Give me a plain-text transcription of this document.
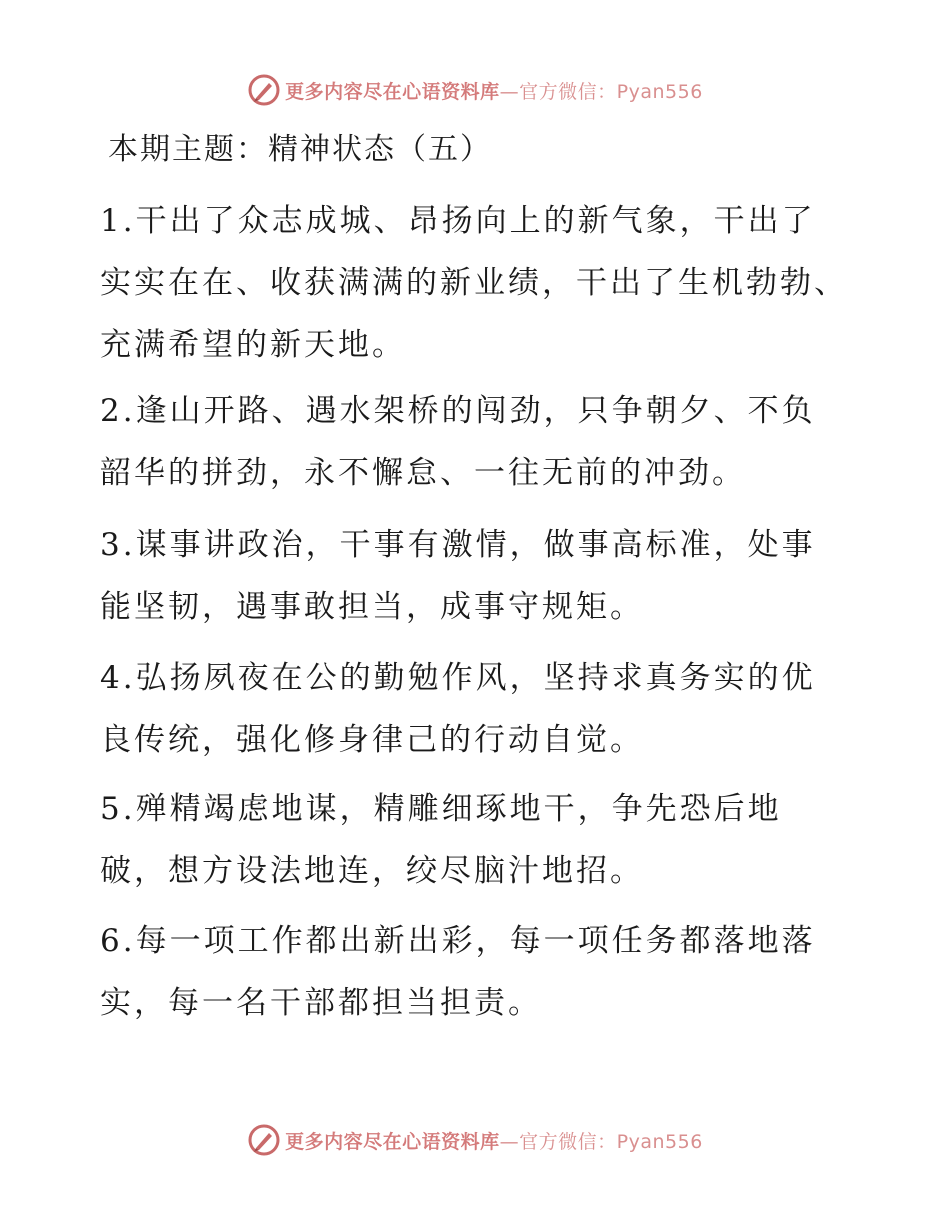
更多内容尽在心语资料库—官方微信：Pyan556
本期主题：精神状态（五）
1.干出了众志成城、昂扬向上的新气象，干出了
实实在在、收获满满的新业绩，干出了生机勃勃、
充满希望的新天地。
2.逢山开路、遇水架桥的闯劲，只争朝夕、不负
韶华的拼劲，永不懈怠、一往无前的冲劲。
3.谋事讲政治，干事有激情，做事高标准，处事
能坚韧，遇事敢担当，成事守规矩。
4.弘扬夙夜在公的勤勉作风，坚持求真务实的优
良传统，强化修身律己的行动自觉。
5.殚精竭虑地谋，精雕细琢地干，争先恐后地
破，想方设法地连，绞尽脑汁地招。
6.每一项工作都出新出彩，每一项任务都落地落
实，每一名干部都担当担责。
更多内容尽在心语资料库—官方微信：Pyan556
